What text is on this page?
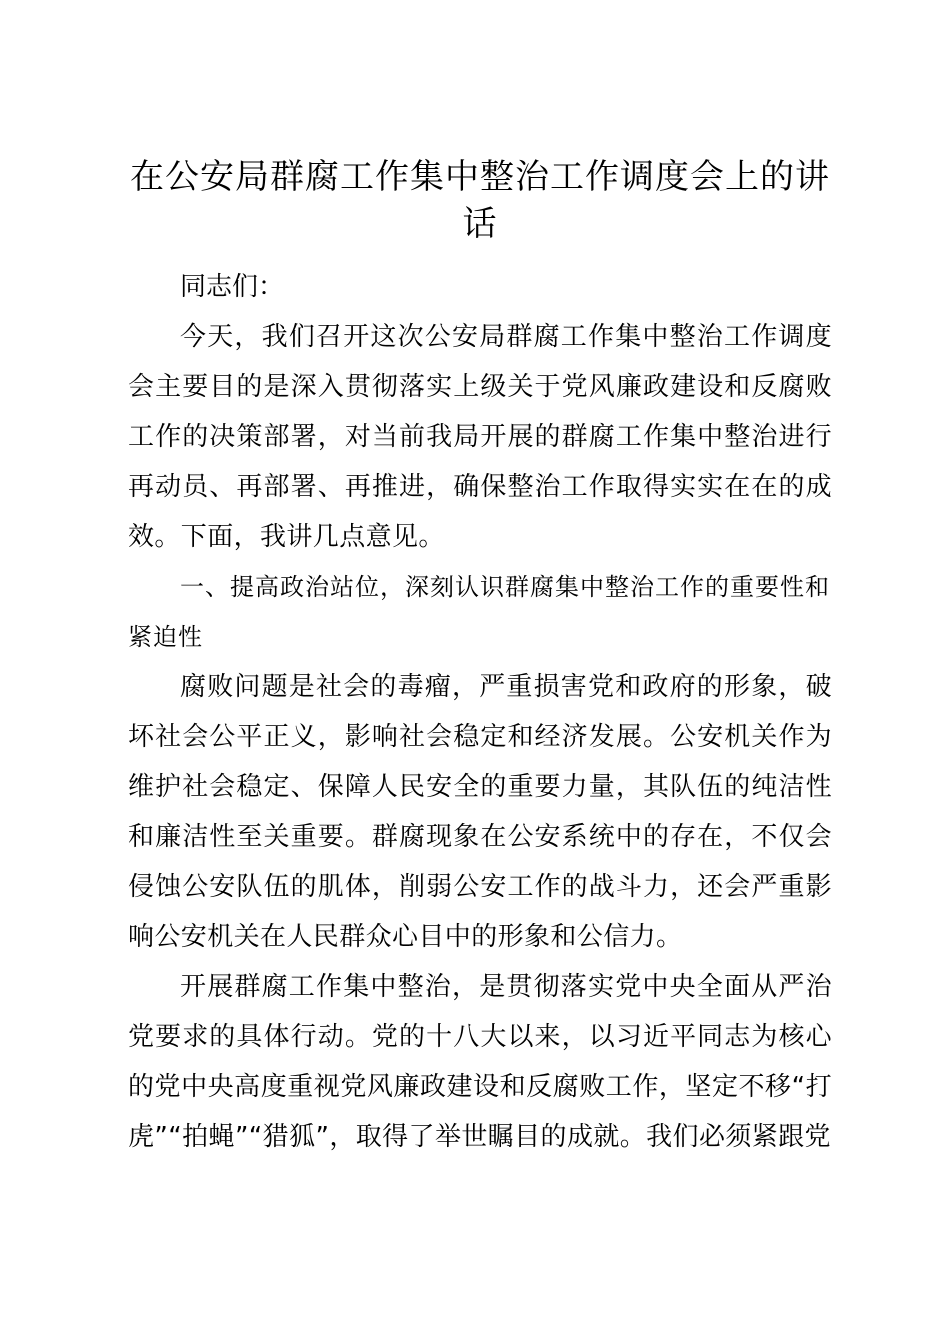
在公安局群腐工作集中整治工作调度会上的讲
话

同志们：

今天，我们召开这次公安局群腐工作集中整治工作调度会主要目的是深入贯彻落实上级关于党风廉政建设和反腐败工作的决策部署，对当前我局开展的群腐工作集中整治进行再动员、再部署、再推进，确保整治工作取得实实在在的成效。下面，我讲几点意见。

一、提高政治站位，深刻认识群腐集中整治工作的重要性和紧迫性

腐败问题是社会的毒瘤，严重损害党和政府的形象，破坏社会公平正义，影响社会稳定和经济发展。公安机关作为维护社会稳定、保障人民安全的重要力量，其队伍的纯洁性和廉洁性至关重要。群腐现象在公安系统中的存在，不仅会侵蚀公安队伍的肌体，削弱公安工作的战斗力，还会严重影响公安机关在人民群众心目中的形象和公信力。

开展群腐工作集中整治，是贯彻落实党中央全面从严治党要求的具体行动。党的十八大以来，以习近平同志为核心的党中央高度重视党风廉政建设和反腐败工作，坚定不移“打虎”“拍蝇”“猎狐”，取得了举世瞩目的成就。我们必须紧跟党
